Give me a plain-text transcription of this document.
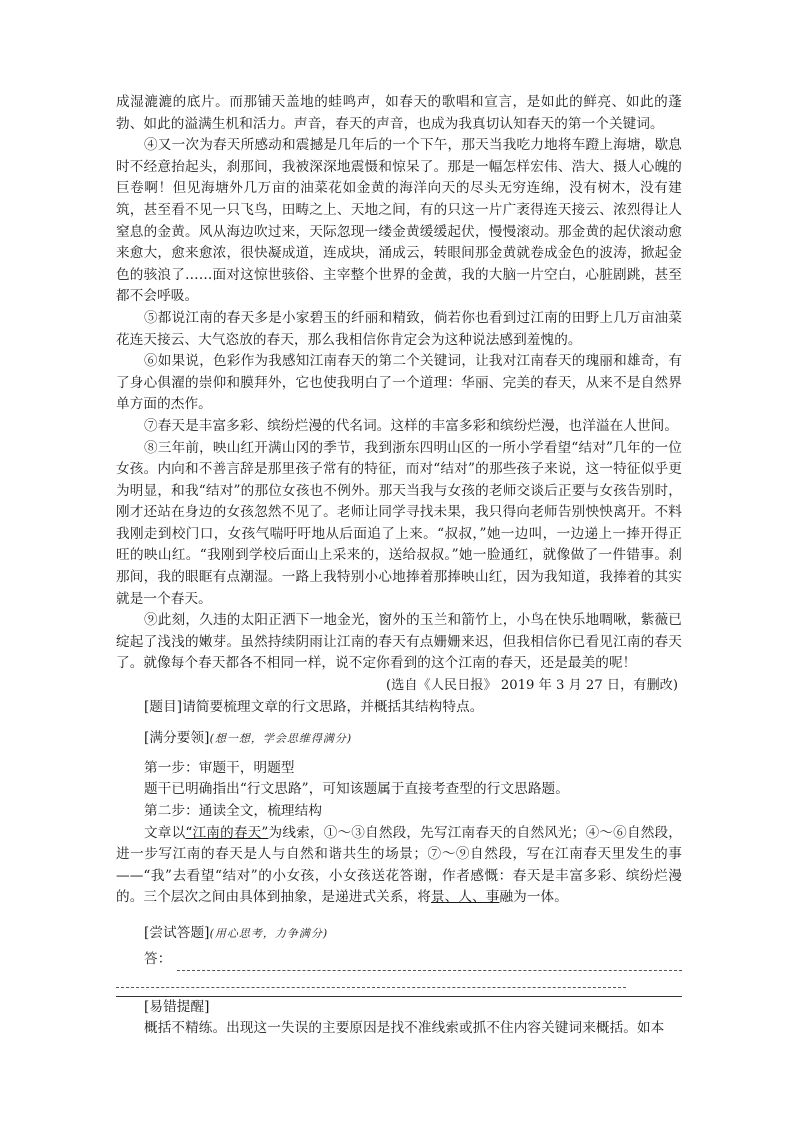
成湿漉漉的底片。而那铺天盖地的蛙鸣声，如春天的歌唱和宣言，是如此的鲜亮、如此的蓬勃、如此的溢满生机和活力。声音，春天的声音，也成为我真切认知春天的第一个关键词。

④又一次为春天所感动和震撼是几年后的一个下午，那天当我吃力地将车蹬上海塘，歇息时不经意抬起头，刹那间，我被深深地震慑和惊呆了。那是一幅怎样宏伟、浩大、摄人心魄的巨卷啊！但见海塘外几万亩的油菜花如金黄的海洋向天的尽头无穷连绵，没有树木，没有建筑，甚至看不见一只飞鸟，田畴之上、天地之间，有的只这一片广袤得连天接云、浓烈得让人窒息的金黄。风从海边吹过来，天际忽现一缕金黄缓缓起伏，慢慢滚动。那金黄的起伏滚动愈来愈大，愈来愈浓，很快凝成道，连成块，涌成云，转眼间那金黄就卷成金色的波涛，掀起金色的骇浪了……面对这惊世骇俗、主宰整个世界的金黄，我的大脑一片空白，心脏剧跳，甚至都不会呼吸。

⑤都说江南的春天多是小家碧玉的纤丽和精致，倘若你也看到过江南的田野上几万亩油菜花连天接云、大气恣放的春天，那么我相信你肯定会为这种说法感到羞愧的。

⑥如果说，色彩作为我感知江南春天的第二个关键词，让我对江南春天的瑰丽和雄奇，有了身心俱濯的崇仰和膜拜外，它也使我明白了一个道理：华丽、完美的春天，从来不是自然界单方面的杰作。

⑦春天是丰富多彩、缤纷烂漫的代名词。这样的丰富多彩和缤纷烂漫，也洋溢在人世间。

⑧三年前，映山红开满山冈的季节，我到浙东四明山区的一所小学看望“结对”几年的一位女孩。内向和不善言辞是那里孩子常有的特征，而对“结对”的那些孩子来说，这一特征似乎更为明显，和我“结对”的那位女孩也不例外。那天当我与女孩的老师交谈后正要与女孩告别时，刚才还站在身边的女孩忽然不见了。老师让同学寻找未果，我只得向老师告别怏怏离开。不料我刚走到校门口，女孩气喘吁吁地从后面追了上来。“叔叔，”她一边叫，一边递上一捧开得正旺的映山红。“我刚到学校后面山上采来的，送给叔叔。”她一脸通红，就像做了一件错事。刹那间，我的眼眶有点潮湿。一路上我特别小心地捧着那捧映山红，因为我知道，我捧着的其实就是一个春天。

⑨此刻，久违的太阳正洒下一地金光，窗外的玉兰和箭竹上，小鸟在快乐地啁啾，紫薇已绽起了浅浅的嫩芽。虽然持续阴雨让江南的春天有点姗姗来迟，但我相信你已看见江南的春天了。就像每个春天都各不相同一样，说不定你看到的这个江南的春天，还是最美的呢！

(选自《人民日报》 2019 年 3 月 27 日，有删改)

[题目]请简要梳理文章的行文思路，并概括其结构特点。

[满分要领](想一想，学会思维得满分)

第一步：审题干，明题型

题干已明确指出“行文思路”，可知该题属于直接考查型的行文思路题。

第二步：通读全文，梳理结构

文章以“江南的春天”为线索，①～③自然段，先写江南春天的自然风光；④～⑥自然段，进一步写江南的春天是人与自然和谐共生的场景；⑦～⑨自然段，写在江南春天里发生的事——“我”去看望“结对”的小女孩，小女孩送花答谢，作者感慨：春天是丰富多彩、缤纷烂漫的。三个层次之间由具体到抽象，是递进式关系，将景、人、事融为一体。

[尝试答题](用心思考，力争满分)

答：

[易错提醒]

概括不精练。出现这一失误的主要原因是找不准线索或抓不住内容关键词来概括。如本
